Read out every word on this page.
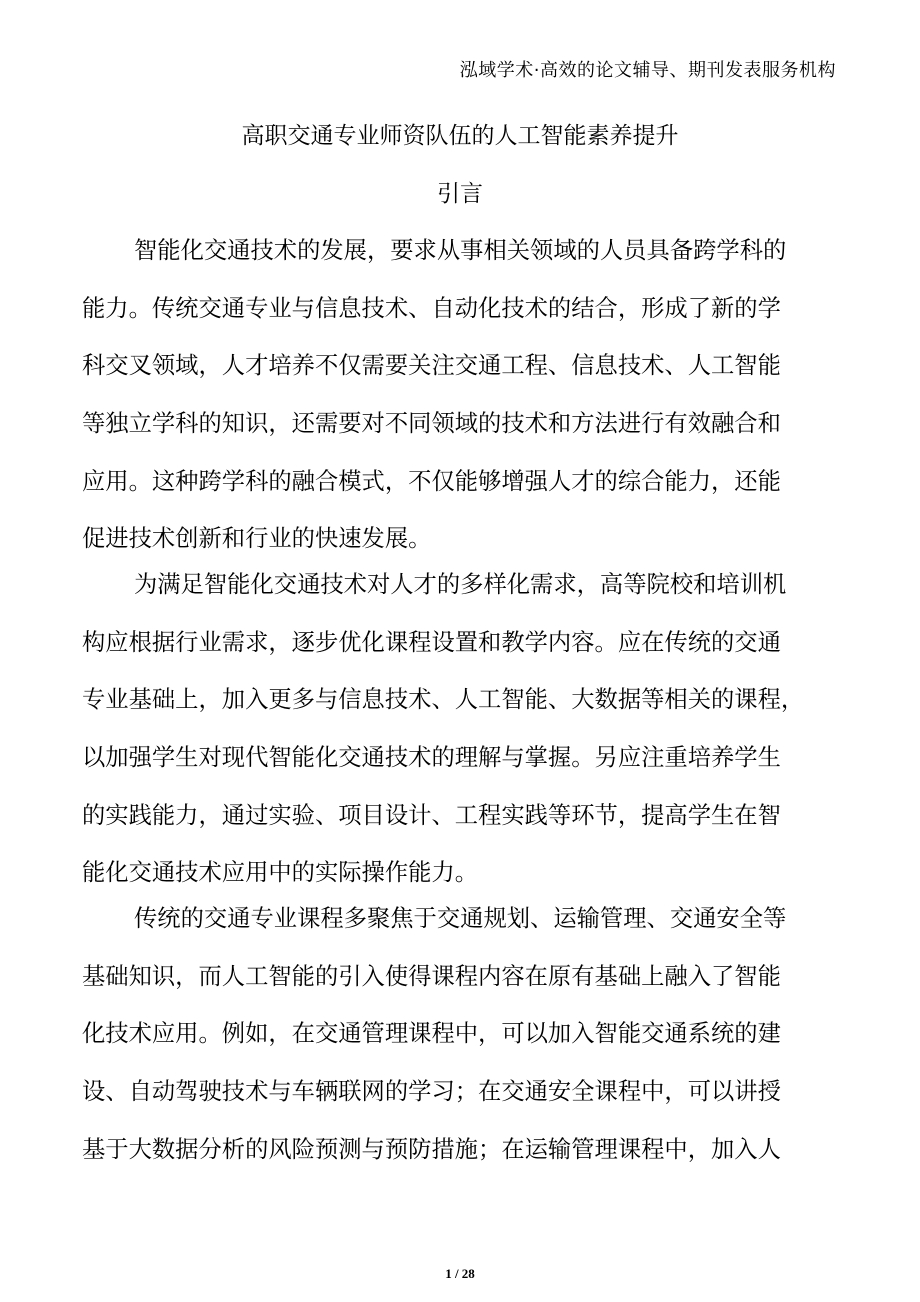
泓域学术·高效的论文辅导、期刊发表服务机构
高职交通专业师资队伍的人工智能素养提升
引言
智能化交通技术的发展，要求从事相关领域的人员具备跨学科的
能力。传统交通专业与信息技术、自动化技术的结合，形成了新的学
科交叉领域，人才培养不仅需要关注交通工程、信息技术、人工智能
等独立学科的知识，还需要对不同领域的技术和方法进行有效融合和
应用。这种跨学科的融合模式，不仅能够增强人才的综合能力，还能
促进技术创新和行业的快速发展。
为满足智能化交通技术对人才的多样化需求，高等院校和培训机
构应根据行业需求，逐步优化课程设置和教学内容。应在传统的交通
专业基础上，加入更多与信息技术、人工智能、大数据等相关的课程，
以加强学生对现代智能化交通技术的理解与掌握。另应注重培养学生
的实践能力，通过实验、项目设计、工程实践等环节，提高学生在智
能化交通技术应用中的实际操作能力。
传统的交通专业课程多聚焦于交通规划、运输管理、交通安全等
基础知识，而人工智能的引入使得课程内容在原有基础上融入了智能
化技术应用。例如，在交通管理课程中，可以加入智能交通系统的建
设、自动驾驶技术与车辆联网的学习；在交通安全课程中，可以讲授
基于大数据分析的风险预测与预防措施；在运输管理课程中，加入人
1 / 28
